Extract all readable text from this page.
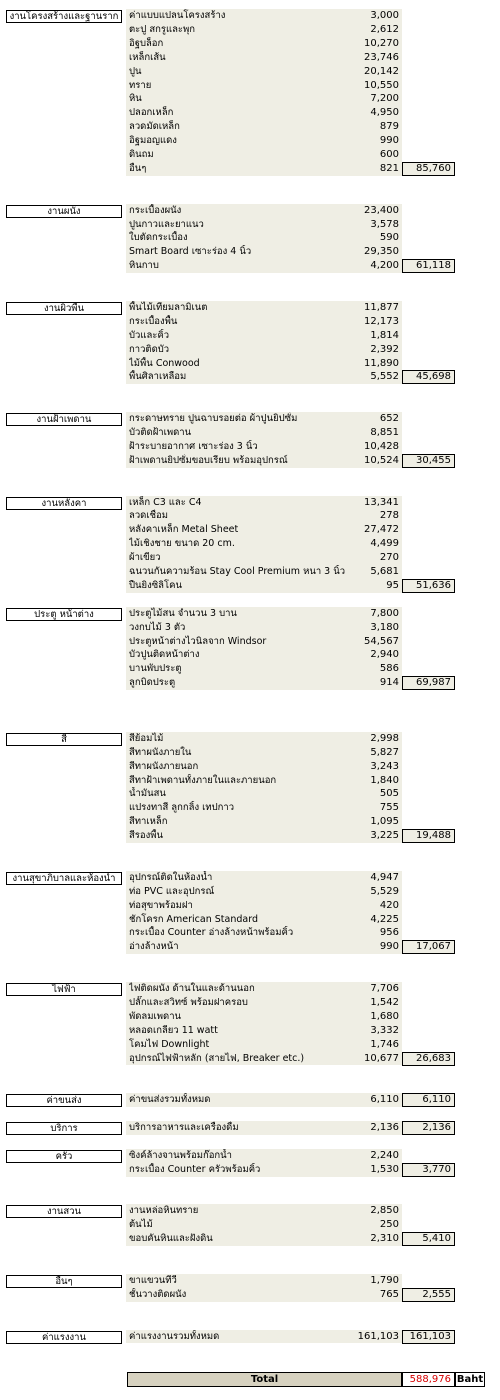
งานโครงสร้างและฐานราก	ค่าแบบแปลนโครงสร้าง	3,000
ตะปู สกรูและพุก	2,612
อิฐบล็อก	10,270
เหล็กเส้น	23,746
ปูน	20,142
ทราย	10,550
หิน	7,200
ปลอกเหล็ก	4,950
ลวดมัดเหล็ก	879
อิฐมอญแดง	990
ดินถม	600
อื่นๆ	821	85,760
งานผนัง	กระเบื้องผนัง	23,400
ปูนกาวและยาแนว	3,578
ใบตัดกระเบื้อง	590
Smart Board เซาะร่อง 4 นิ้ว	29,350
หินกาบ	4,200	61,118
งานผิวพื้น	พื้นไม้เทียมลามิเนต	11,877
กระเบื้องพื้น	12,173
บัวและคิ้ว	1,814
กาวติดบัว	2,392
ไม้พื้น Conwood	11,890
พื้นศิลาเหลือม	5,552	45,698
งานฝ้าเพดาน	กระดาษทราย ปูนฉาบรอยต่อ ผ้าปูนยิปซั่ม	652
บัวติดฝ้าเพดาน	8,851
ฝ้าระบายอากาศ เซาะร่อง 3 นิ้ว	10,428
ฝ้าเพดานยิปซั่มขอบเรียบ พร้อมอุปกรณ์	10,524	30,455
งานหลังคา	เหล็ก C3 และ C4	13,341
ลวดเชื่อม	278
หลังคาเหล็ก Metal Sheet	27,472
ไม้เชิงชาย ขนาด 20 cm.	4,499
ผ้าเขียว	270
ฉนวนกันความร้อน Stay Cool Premium หนา 3 นิ้ว	5,681
ปืนยิงซิลิโคน	95	51,636
ประตู หน้าต่าง	ประตูไม้สน จำนวน 3 บาน	7,800
วงกบไม้ 3 ตัว	3,180
ประตูหน้าต่างไวนิลจาก Windsor	54,567
บัวปูนติดหน้าต่าง	2,940
บานพับประตู	586
ลูกบิดประตู	914	69,987
สี	สีย้อมไม้	2,998
สีทาผนังภายใน	5,827
สีทาผนังภายนอก	3,243
สีทาฝ้าเพดานทั้งภายในและภายนอก	1,840
น้ำมันสน	505
แปรงทาสี ลูกกลิ้ง เทปกาว	755
สีทาเหล็ก	1,095
สีรองพื้น	3,225	19,488
งานสุขาภิบาลและห้องน้ำ	อุปกรณ์ติดในห้องน้ำ	4,947
ท่อ PVC และอุปกรณ์	5,529
ท่อสุขาพร้อมฝา	420
ชักโครก American Standard	4,225
กระเบื้อง Counter อ่างล้างหน้าพร้อมคิ้ว	956
อ่างล้างหน้า	990	17,067
ไฟฟ้า	ไฟติดผนัง ด้านในและด้านนอก	7,706
ปลั๊กและสวิทซ์ พร้อมฝาครอบ	1,542
พัดลมเพดาน	1,680
หลอดเกลียว 11 watt	3,332
โคมไฟ Downlight	1,746
อุปกรณ์ไฟฟ้าหลัก (สายไฟ, Breaker etc.)	10,677	26,683
ค่าขนส่ง	ค่าขนส่งรวมทั้งหมด	6,110	6,110
บริการ	บริการอาหารและเครื่องดื่ม	2,136	2,136
ครัว	ซิงค์ล้างจานพร้อมก๊อกน้ำ	2,240
กระเบื้อง Counter ครัวพร้อมคิ้ว	1,530	3,770
งานสวน	งานหล่อหินทราย	2,850
ต้นไม้	250
ขอบคันหินและฝังดิน	2,310	5,410
อื่นๆ	ขาแขวนทีวี	1,790
ชั้นวางติดผนัง	765	2,555
ค่าแรงงาน	ค่าแรงงานรวมทั้งหมด	161,103	161,103
Total	588,976 Baht
